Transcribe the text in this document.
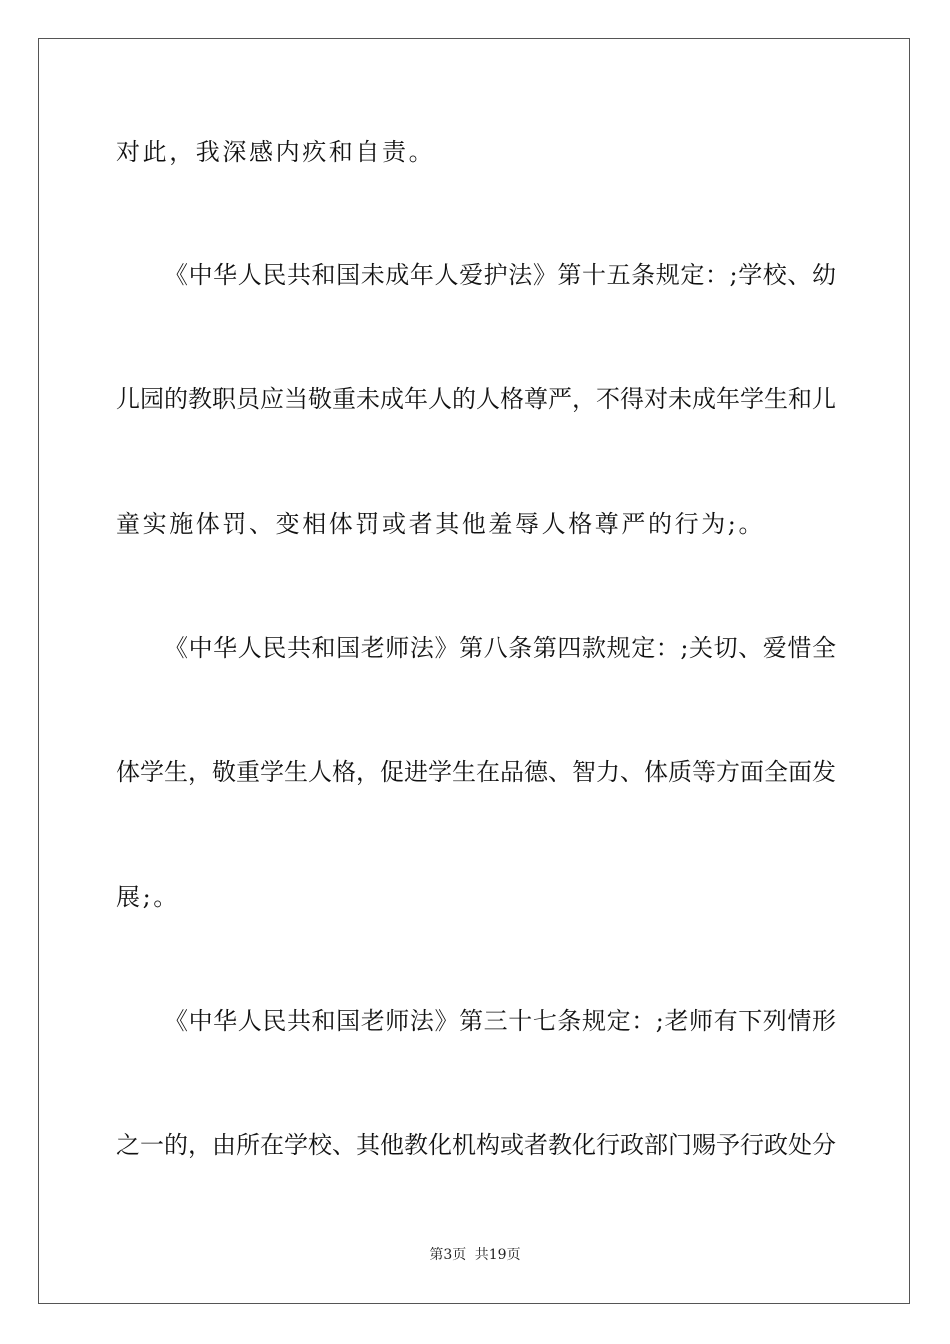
对此，我深感内疚和自责。
《中华人民共和国未成年人爱护法》第十五条规定：;学校、幼
儿园的教职员应当敬重未成年人的人格尊严，不得对未成年学生和儿
童实施体罚、变相体罚或者其他羞辱人格尊严的行为;。
《中华人民共和国老师法》第八条第四款规定：;关切、爱惜全
体学生，敬重学生人格，促进学生在品德、智力、体质等方面全面发
展;。
《中华人民共和国老师法》第三十七条规定：;老师有下列情形
之一的，由所在学校、其他教化机构或者教化行政部门赐予行政处分
第3页 共19页
